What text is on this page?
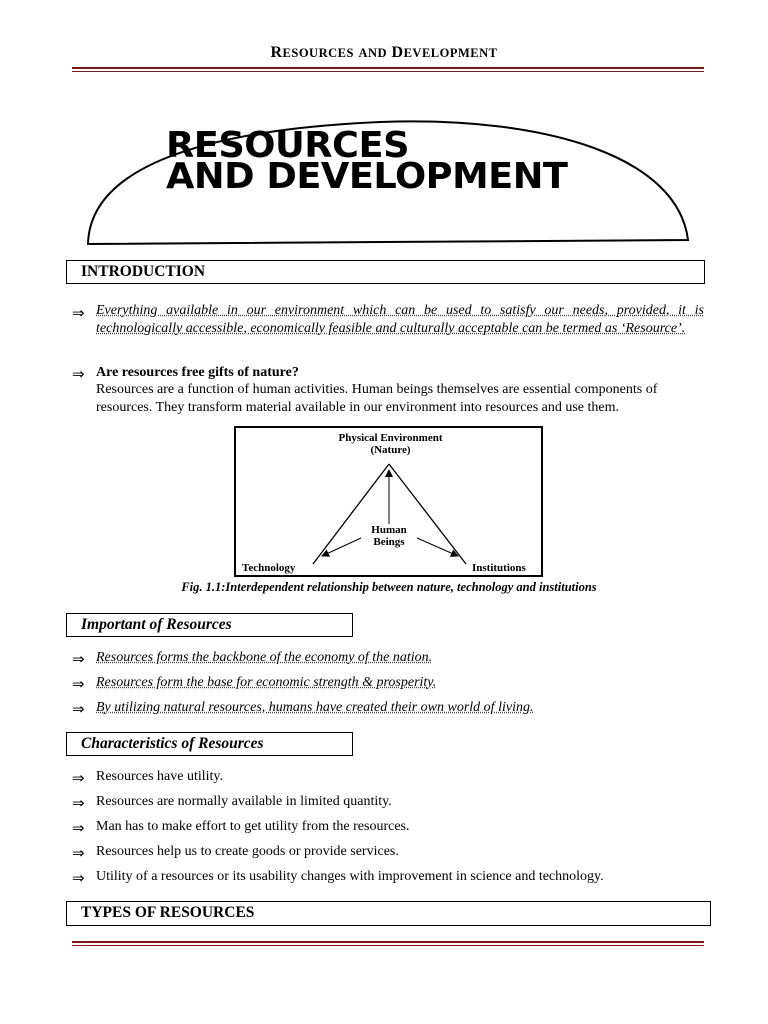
RESOURCES AND DEVELOPMENT
RESOURCES
AND DEVELOPMENT
INTRODUCTION
⇒ Everything available in our environment which can be used to satisfy our needs, provided, it is technologically accessible, economically feasible and culturally acceptable can be termed as ‘Resource’.
⇒ Are resources free gifts of nature?
Resources are a function of human activities. Human beings themselves are essential components of resources. They transform material available in our environment into resources and use them.
Physical Environment
(Nature)
Human
Beings
Technology	Institutions
Fig. 1.1:Interdependent relationship between nature, technology and institutions
Important of Resources
⇒ Resources forms the backbone of the economy of the nation.
⇒ Resources form the base for economic strength & prosperity.
⇒ By utilizing natural resources, humans have created their own world of living.
Characteristics of Resources
⇒ Resources have utility.
⇒ Resources are normally available in limited quantity.
⇒ Man has to make effort to get utility from the resources.
⇒ Resources help us to create goods or provide services.
⇒ Utility of a resources or its usability changes with improvement in science and technology.
TYPES OF RESOURCES
